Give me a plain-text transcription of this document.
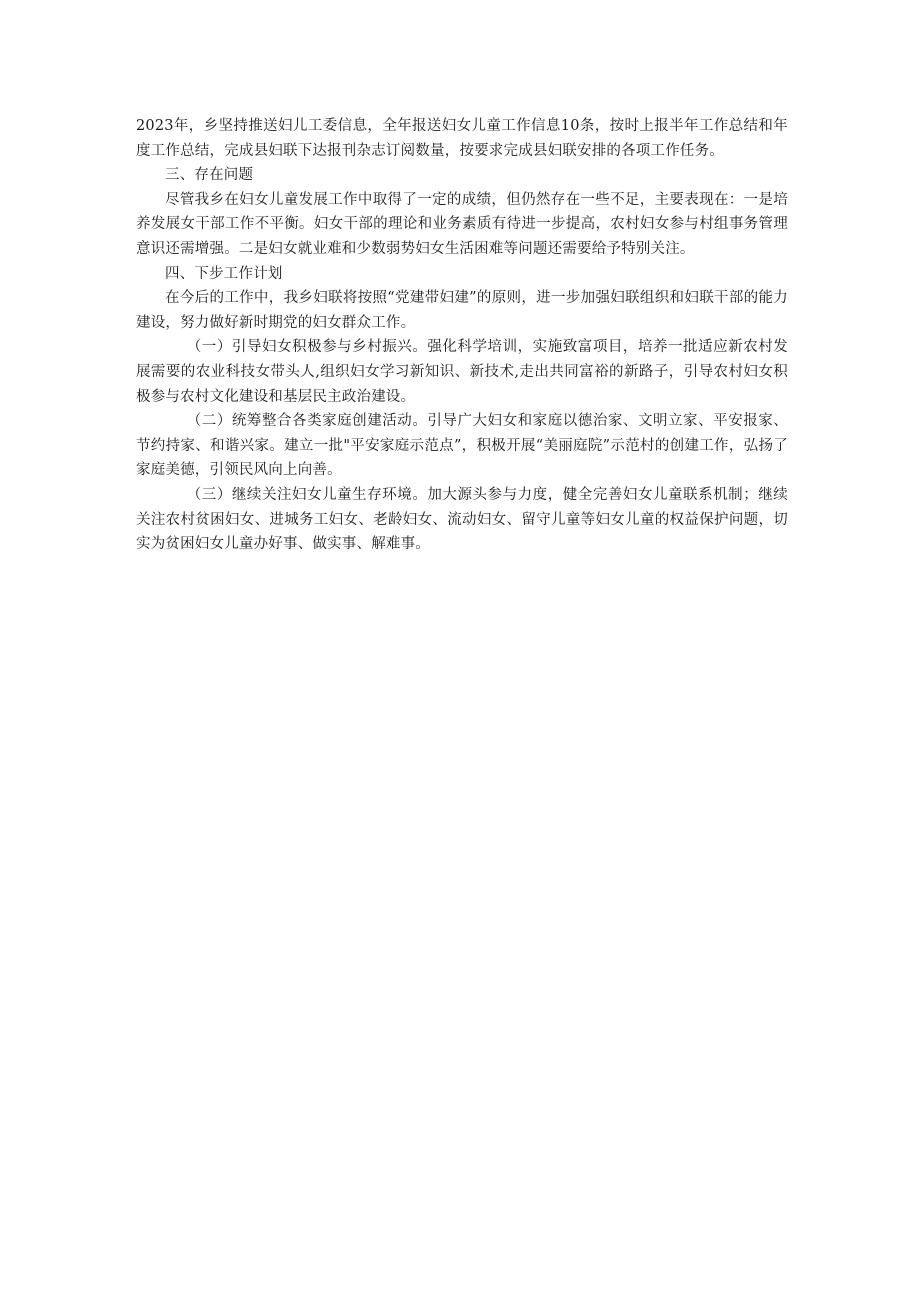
2023年，乡坚持推送妇儿工委信息，全年报送妇女儿童工作信息10条，按时上报半年工作总结和年度工作总结，完成县妇联下达报刊杂志订阅数量，按要求完成县妇联安排的各项工作任务。

三、存在问题

尽管我乡在妇女儿童发展工作中取得了一定的成绩，但仍然存在一些不足，主要表现在：一是培养发展女干部工作不平衡。妇女干部的理论和业务素质有待进一步提高，农村妇女参与村组事务管理意识还需增强。二是妇女就业难和少数弱势妇女生活困难等问题还需要给予特别关注。

四、下步工作计划

在今后的工作中，我乡妇联将按照“党建带妇建”的原则，进一步加强妇联组织和妇联干部的能力建设，努力做好新时期党的妇女群众工作。

（一）引导妇女积极参与乡村振兴。强化科学培训，实施致富项目，培养一批适应新农村发展需要的农业科技女带头人,组织妇女学习新知识、新技术,走出共同富裕的新路子，引导农村妇女积极参与农村文化建设和基层民主政治建设。

（二）统筹整合各类家庭创建活动。引导广大妇女和家庭以德治家、文明立家、平安报家、节约持家、和谐兴家。建立一批"平安家庭示范点”，积极开展“美丽庭院”示范村的创建工作，弘扬了家庭美德，引领民风向上向善。

（三）继续关注妇女儿童生存环境。加大源头参与力度，健全完善妇女儿童联系机制；继续关注农村贫困妇女、进城务工妇女、老龄妇女、流动妇女、留守儿童等妇女儿童的权益保护问题，切实为贫困妇女儿童办好事、做实事、解难事。
